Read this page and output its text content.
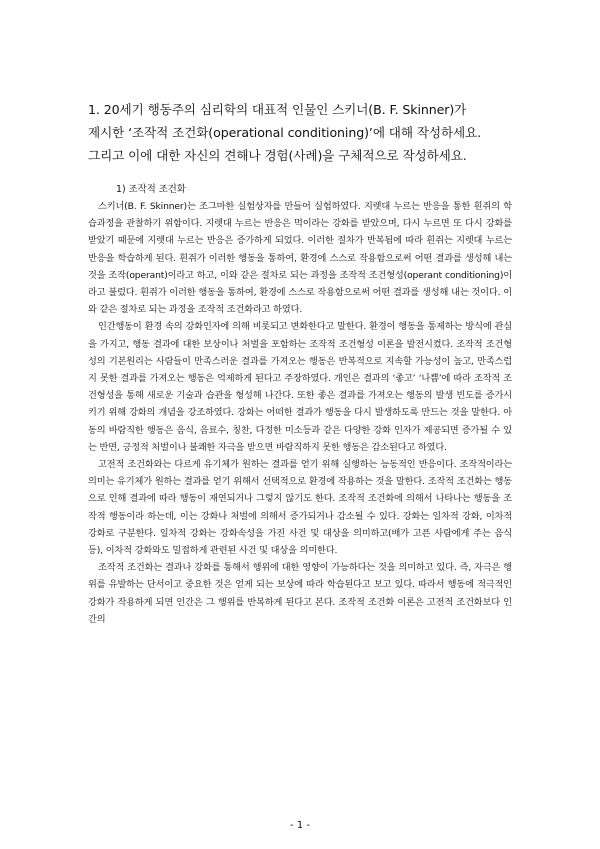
1. 20세기 행동주의 심리학의 대표적 인물인 스키너(B. F. Skinner)가
제시한 ‘조작적 조건화(operational conditioning)’에 대해 작성하세요.
그리고 이에 대한 자신의 견해나 경험(사례)을 구체적으로 작성하세요.
1) 조작적 조건화

스키너(B. F. Skinner)는 조그마한 실험상자를 만들어 실험하였다. 지렛대 누르는 반응을 통한 흰쥐의 학습과정을 관찰하기 위함이다. 지렛대 누르는 반응은 먹이라는 강화를 받았으며, 다시 누르면 또 다시 강화를 받았기 때문에 지렛대 누르는 반응은 증가하게 되었다. 이러한 절차가 반복됨에 따라 흰쥐는 지렛대 누르는 반응을 학습하게 된다. 흰쥐가 이러한 행동을 통하여, 환경에 스스로 작용함으로써 어떤 결과를 생성해 내는 것을 조작(operant)이라고 하고, 이와 같은 절차로 되는 과정을 조작적 조건형성(operant conditioning)이라고 불렀다. 흰쥐가 이러한 행동을 통하여, 환경에 스스로 작용함으로써 어떤 결과를 생성해 내는 것이다. 이와 같은 절차로 되는 과정을 조작적 조건화라고 하였다.

인간행동이 환경 속의 강화인자에 의해 비롯되고 변화한다고 말한다. 환경이 행동을 통제하는 방식에 관심을 가지고, 행동 결과에 대한 보상이나 처벌을 포함하는 조작적 조건형성 이론을 발전시켰다. 조작적 조건형성의 기본원리는 사람들이 만족스러운 결과를 가져오는 행동은 반복적으로 지속할 가능성이 높고, 만족스럽지 못한 결과를 가져오는 행동은 억제하게 된다고 주장하였다. 개인은 결과의 ‘좋고’ ‘나쁨’에 따라 조작적 조건형성을 통해 새로운 기술과 습관을 형성해 나간다. 또한 좋은 결과를 가져오는 행동의 발생 빈도를 증가시키기 위해 강화의 개념을 강조하였다. 강화는 어떠한 결과가 행동을 다시 발생하도록 만드는 것을 말한다. 아동의 바람직한 행동은 음식, 음료수, 칭찬, 다정한 미소등과 같은 다양한 강화 인자가 제공되면 증가될 수 있는 반면, 긍정적 처벌이나 불쾌한 자극을 받으면 바람직하지 못한 행동은 감소된다고 하였다.

고전적 조건화와는 다르게 유기체가 원하는 결과를 얻기 위해 실행하는 능동적인 반응이다. 조작적이라는 의미는 유기체가 원하는 결과를 얻기 위해서 선택적으로 환경에 작용하는 것을 말한다. 조작적 조건화는 행동으로 인해 결과에 따라 행동이 재연되거나 그렇지 않기도 한다. 조작적 조건화에 의해서 나타나는 행동을 조작적 행동이라 하는데, 이는 강화나 처벌에 의해서 증가되거나 감소될 수 있다. 강화는 일차적 강화, 이차적 강화로 구분한다. 일차적 강화는 강화속성을 가진 사건 및 대상을 의미하고(배가 고픈 사람에게 주는 음식 등), 이차적 강화와도 밀접하게 관련된 사건 및 대상을 의미한다.

조작적 조건화는 결과나 강화를 통해서 행위에 대한 영향이 가능하다는 것을 의미하고 있다. 즉, 자극은 행위를 유발하는 단서이고 중요한 것은 얻게 되는 보상에 따라 학습된다고 보고 있다. 따라서 행동에 적극적인 강화가 작용하게 되면 인간은 그 행위를 반복하게 된다고 본다. 조작적 조건화 이론은 고전적 조건화보다 인간의

- 1 -
